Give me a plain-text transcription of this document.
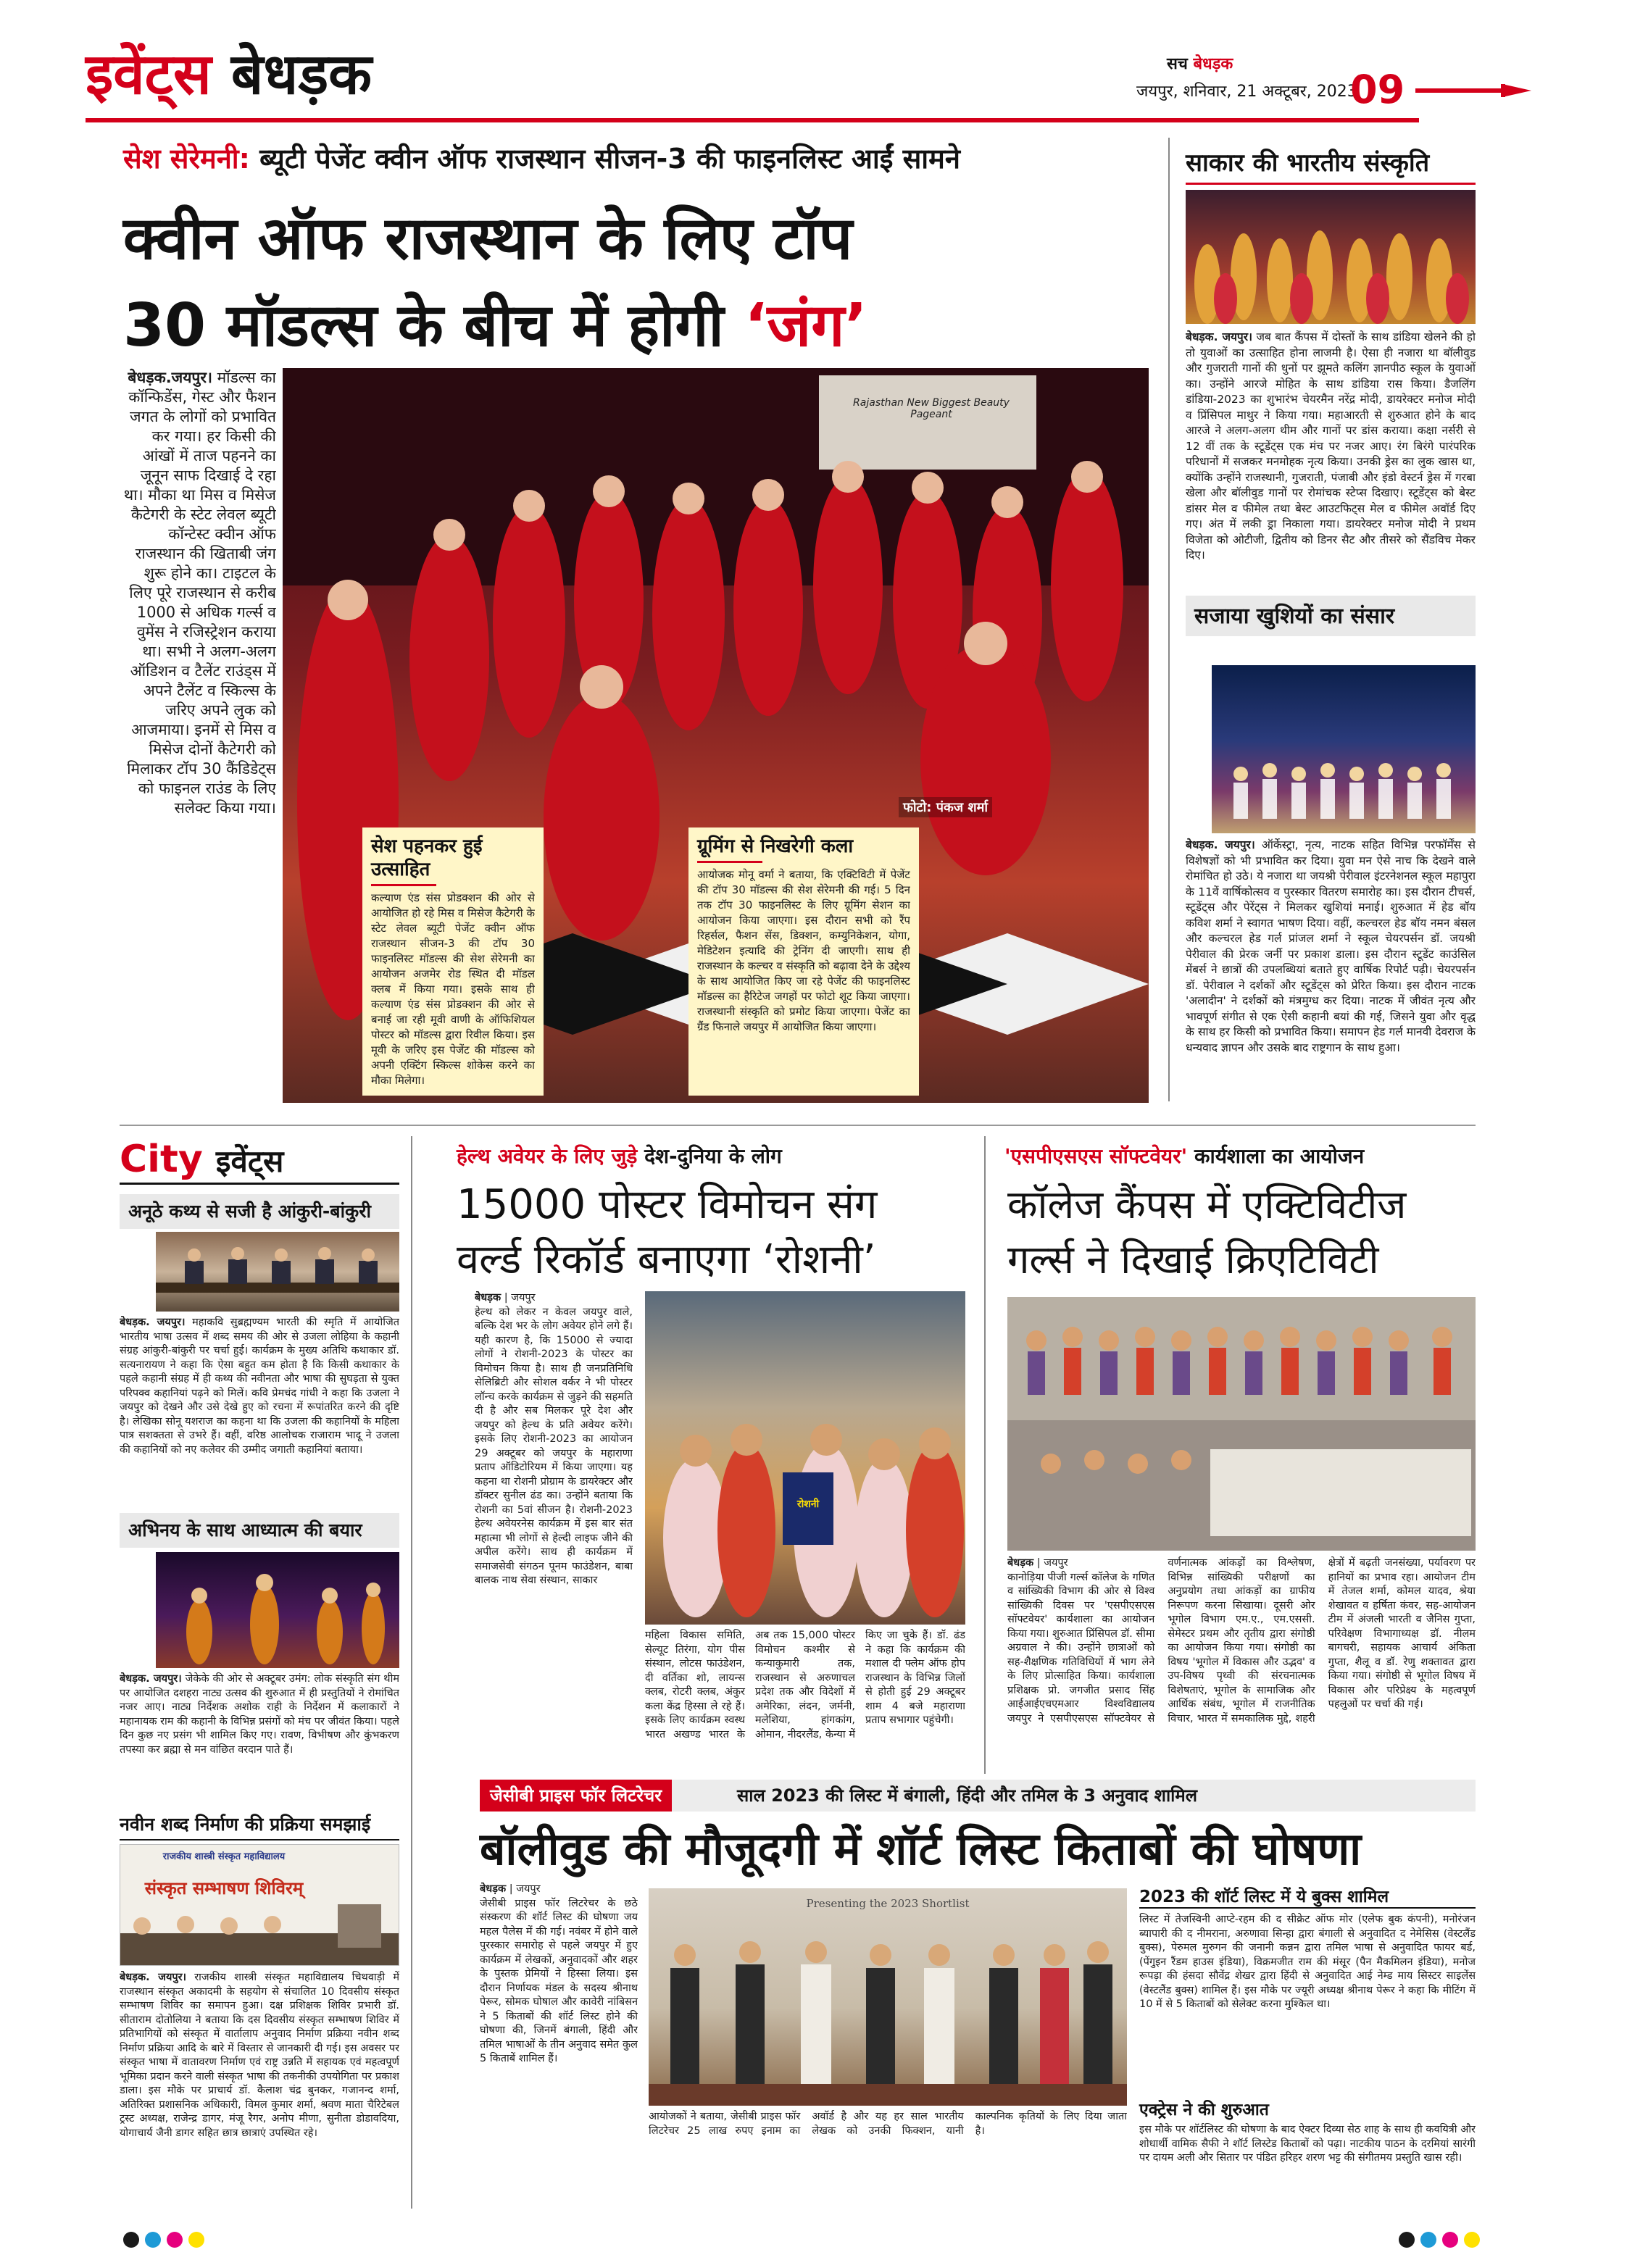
इवेंट्स बेधड़क	सच बेधड़क
जयपुर, शनिवार, 21 अक्टूबर, 2023
09
सेश सेरेमनी: ब्यूटी पेजेंट क्वीन ऑफ राजस्थान सीजन-3 की फाइनलिस्ट आईं सामने
क्वीन ऑफ राजस्थान के लिए टॉप
30 मॉडल्स के बीच में होगी ‘जंग’
बेधड़क.जयपुर। मॉडल्स का कॉन्फिडेंस, गेस्ट और फैशन जगत के लोगों को प्रभावित कर गया। हर किसी की आंखों में ताज पहनने का जूनून साफ दिखाई दे रहा था। मौका था मिस व मिसेज कैटेगरी के स्टेट लेवल ब्यूटी कॉन्टेस्ट क्वीन ऑफ राजस्थान की खिताबी जंग शुरू होने का। टाइटल के लिए पूरे राजस्थान से करीब 1000 से अधिक गर्ल्स व वुमेंस ने रजिस्ट्रेशन कराया था। सभी ने अलग-अलग ऑडिशन व टैलेंट राउंड्स में अपने टैलेंट व स्किल्स के जरिए अपने लुक को आजमाया। इनमें से मिस व मिसेज दोनों कैटेगरी को मिलाकर टॉप 30 कैंडिडेट्स को फाइनल राउंड के लिए सलेक्ट किया गया।
Rajasthan New Biggest Beauty Pageant
फोटो: पंकज शर्मा
सेश पहनकर हुई उत्साहित
कल्याण एंड संस प्रोडक्शन की ओर से आयोजित हो रहे मिस व मिसेज कैटेगरी के स्टेट लेवल ब्यूटी पेजेंट क्वीन ऑफ राजस्थान सीजन-3 की टॉप 30 फाइनलिस्ट मॉडल्स की सेश सेरेमनी का आयोजन अजमेर रोड स्थित दी मॉडल क्लब में किया गया। इसके साथ ही कल्याण एंड संस प्रोडक्शन की ओर से बनाई जा रही मूवी वाणी के ऑफिशियल पोस्टर को मॉडल्स द्वारा रिवील किया। इस मूवी के जरिए इस पेजेंट की मॉडल्स को अपनी एक्टिंग स्किल्स शोकेस करने का मौका मिलेगा।
ग्रूमिंग से निखरेगी कला
आयोजक मोनू वर्मा ने बताया, कि एक्टिविटी में पेजेंट की टॉप 30 मॉडल्स की सेश सेरेमनी की गई। 5 दिन तक टॉप 30 फाइनलिस्ट के लिए ग्रूमिंग सेशन का आयोजन किया जाएगा। इस दौरान सभी को रैंप रिहर्सल, फैशन सेंस, डिक्शन, कम्युनिकेशन, योगा, मेडिटेशन इत्यादि की ट्रेनिंग दी जाएगी। साथ ही राजस्थान के कल्चर व संस्कृति को बढ़ावा देने के उद्देश्य के साथ आयोजित किए जा रहे पेजेंट की फाइनलिस्ट मॉडल्स का हैरिटेज जगहों पर फोटो शूट किया जाएगा। राजस्थानी संस्कृति को प्रमोट किया जाएगा। पेजेंट का ग्रैंड फिनाले जयपुर में आयोजित किया जाएगा।
साकार की भारतीय संस्कृति
बेधड़क. जयपुर। जब बात कैंपस में दोस्तों के साथ डांडिया खेलने की हो तो युवाओं का उत्साहित होना लाजमी है। ऐसा ही नजारा था बॉलीवुड और गुजराती गानों की धुनों पर झूमते कलिंग ज्ञानपीठ स्कूल के युवाओं का। उन्होंने आरजे मोहित के साथ डांडिया रास किया। डैजलिंग डांडिया-2023 का शुभारंभ चेयरमैन नरेंद्र मोदी, डायरेक्टर मनोज मोदी व प्रिंसिपल माथुर ने किया गया। महाआरती से शुरुआत होने के बाद आरजे ने अलग-अलग थीम और गानों पर डांस कराया। कक्षा नर्सरी से 12 वीं तक के स्टूडेंट्स एक मंच पर नजर आए। रंग बिरंगे पारंपरिक परिधानों में सजकर मनमोहक नृत्य किया। उनकी ड्रेस का लुक खास था, क्योंकि उन्होंने राजस्थानी, गुजराती, पंजाबी और इंडो वेस्टर्न ड्रेस में गरबा खेला और बॉलीवुड गानों पर रोमांचक स्टेप्स दिखाए। स्टूडेंट्स को बेस्ट डांसर मेल व फीमेल तथा बेस्ट आउटफिट्स मेल व फीमेल अवॉर्ड दिए गए। अंत में लकी ड्रा निकाला गया। डायरेक्टर मनोज मोदी ने प्रथम विजेता को ओटीजी, द्वितीय को डिनर सैट और तीसरे को सैंडविच मेकर दिए।
सजाया खुशियों का संसार
बेधड़क. जयपुर। ऑर्केस्ट्रा, नृत्य, नाटक सहित विभिन्न परफॉर्मेंस से विशेषज्ञों को भी प्रभावित कर दिया। युवा मन ऐसे नाच कि देखने वाले रोमांचित हो उठे। ये नजारा था जयश्री पेरीवाल इंटरनेशनल स्कूल महापुरा के 11वें वार्षिकोत्सव व पुरस्कार वितरण समारोह का। इस दौरान टीचर्स, स्टूडेंट्स और पेरेंट्स ने मिलकर खुशियां मनाई। शुरुआत में हेड बॉय कविश शर्मा ने स्वागत भाषण दिया। वहीं, कल्चरल हेड बॉय नमन बंसल और कल्चरल हेड गर्ल प्रांजल शर्मा ने स्कूल चेयरपर्सन डॉ. जयश्री पेरीवाल की प्रेरक जर्नी पर प्रकाश डाला। इस दौरान स्टूडेंट काउंसिल मेंबर्स ने छात्रों की उपलब्धियां बताते हुए वार्षिक रिपोर्ट पढ़ी। चेयरपर्सन डॉ. पेरीवाल ने दर्शकों और स्टूडेंट्स को प्रेरित किया। इस दौरान नाटक 'अलादीन' ने दर्शकों को मंत्रमुग्ध कर दिया। नाटक में जीवंत नृत्य और भावपूर्ण संगीत से एक ऐसी कहानी बयां की गई, जिसने युवा और वृद्ध के साथ हर किसी को प्रभावित किया। समापन हेड गर्ल मानवी देवराज के धन्यवाद ज्ञापन और उसके बाद राष्ट्रगान के साथ हुआ।
City इवेंट्स
अनूठे कथ्य से सजी है आंकुरी-बांकुरी
बेधड़क. जयपुर। महाकवि सुब्रह्मण्यम भारती की स्मृति में आयोजित भारतीय भाषा उत्सव में शब्द समय की ओर से उजला लोहिया के कहानी संग्रह आंकुरी-बांकुरी पर चर्चा हुई। कार्यक्रम के मुख्य अतिथि कथाकार डॉ. सत्यनारायण ने कहा कि ऐसा बहुत कम होता है कि किसी कथाकार के पहले कहानी संग्रह में ही कथ्य की नवीनता और भाषा की सुघड़ता से युक्त परिपक्व कहानियां पढ़ने को मिलें। कवि प्रेमचंद गांधी ने कहा कि उजला ने जयपुर को देखने और उसे देखे हुए को रचना में रूपांतरित करने की दृष्टि है। लेखिका सोनू यशराज का कहना था कि उजला की कहानियों के महिला पात्र सशक्तता से उभरे हैं। वहीं, वरिष्ठ आलोचक राजाराम भादू ने उजला की कहानियों को नए कलेवर की उम्मीद जगाती कहानियां बताया।
अभिनय के साथ आध्यात्म की बयार
बेधड़क. जयपुर। जेकेके की ओर से अक्टूबर उमंग: लोक संस्कृति संग थीम पर आयोजित दशहरा नाट्य उत्सव की शुरुआत में ही प्रस्तुतियों ने रोमांचित नजर आए। नाट्य निर्देशक अशोक राही के निर्देशन में कलाकारों ने महानायक राम की कहानी के विभिन्न प्रसंगों को मंच पर जीवंत किया। पहले दिन कुछ नए प्रसंग भी शामिल किए गए। रावण, विभीषण और कुंभकरण तपस्या कर ब्रह्मा से मन वांछित वरदान पाते हैं।
नवीन शब्द निर्माण की प्रक्रिया समझाई
राजकीय शास्त्री संस्कृत महाविद्यालय
संस्कृत सम्भाषण शिविरम्
बेधड़क. जयपुर। राजकीय शास्त्री संस्कृत महाविद्यालय चिथवाड़ी में राजस्थान संस्कृत अकादमी के सहयोग से संचालित 10 दिवसीय संस्कृत सम्भाषण शिविर का समापन हुआ। दक्ष प्रशिक्षक शिविर प्रभारी डॉ. सीताराम दोतोलिया ने बताया कि दस दिवसीय संस्कृत सम्भाषण शिविर में प्रतिभागियों को संस्कृत में वार्तालाप अनुवाद निर्माण प्रक्रिया नवीन शब्द निर्माण प्रक्रिया आदि के बारे में विस्तार से जानकारी दी गई। इस अवसर पर संस्कृत भाषा में वातावरण निर्माण एवं राष्ट्र उन्नति में सहायक एवं महत्वपूर्ण भूमिका प्रदान करने वाली संस्कृत भाषा की तकनीकी उपयोगिता पर प्रकाश डाला। इस मौके पर प्राचार्य डॉ. कैलाश चंद्र बुनकर, गजानन्द शर्मा, अतिरिक्त प्रशासनिक अधिकारी, विमल कुमार शर्मा, श्रवण माता चैरिटेबल ट्रस्ट अध्यक्ष, राजेन्द्र डागर, मंजू रैगर, अनोप मीणा, सुनीता डोडावदिया, योगाचार्य जैनी डागर सहित छात्र छात्राएं उपस्थित रहे।
हेल्थ अवेयर के लिए जुड़े देश-दुनिया के लोग
15000 पोस्टर विमोचन संग
वर्ल्ड रिकॉर्ड बनाएगा ‘रोशनी’
बेधड़क | जयपुर
हेल्थ को लेकर न केवल जयपुर वाले, बल्कि देश भर के लोग अवेयर होने लगे हैं। यही कारण है, कि 15000 से ज्यादा लोगों ने रोशनी-2023 के पोस्टर का विमोचन किया है। साथ ही जनप्रतिनिधि सेलिब्रिटी और सोशल वर्कर ने भी पोस्टर लॉन्च करके कार्यक्रम से जुड़ने की सहमति दी है और सब मिलकर पूरे देश और जयपुर को हेल्थ के प्रति अवेयर करेंगे। इसके लिए रोशनी-2023 का आयोजन 29 अक्टूबर को जयपुर के महाराणा प्रताप ऑडिटोरियम में किया जाएगा। यह कहना था रोशनी प्रोग्राम के डायरेक्टर और डॉक्टर सुनील ढंड का। उन्होंने बताया कि रोशनी का 5वां सीजन है। रोशनी-2023 हेल्थ अवेयरनेस कार्यक्रम में इस बार संत महात्मा भी लोगों से हेल्दी लाइफ जीने की अपील करेंगे। साथ ही कार्यक्रम में समाजसेवी संगठन पूनम फाउंडेशन, बाबा बालक नाथ सेवा संस्थान, साकार
रोशनी
महिला विकास समिति, सेल्यूट तिरंगा, योग पीस संस्थान, लोटस फाउंडेशन, दी वर्तिका शो, लायन्स क्लब, रोटरी क्लब, अंकुर कला केंद्र हिस्सा ले रहे हैं। इसके लिए कार्यक्रम स्वस्थ भारत अखण्ड भारत के अब तक 15,000 पोस्टर विमोचन कश्मीर से कन्याकुमारी तक, राजस्थान से अरुणाचल प्रदेश तक और विदेशों में अमेरिका, लंदन, जर्मनी, मलेशिया, हांगकांग, ओमान, नीदरलैंड, केन्या में किए जा चुके हैं। डॉ. ढंड ने कहा कि कार्यक्रम की मशाल दी फ्लेम ऑफ होप राजस्थान के विभिन्न जिलों से होती हुई 29 अक्टूबर शाम 4 बजे महाराणा प्रताप सभागार पहुंचेगी।
'एसपीएसएस सॉफ्टवेयर' कार्यशाला का आयोजन
कॉलेज कैंपस में एक्टिविटीज
गर्ल्स ने दिखाई क्रिएटिविटी
बेधड़क | जयपुर
कानोड़िया पीजी गर्ल्स कॉलेज के गणित व सांख्यिकी विभाग की ओर से विश्व सांख्यिकी दिवस पर 'एसपीएसएस सॉफ्टवेयर' कार्यशाला का आयोजन किया गया। शुरुआत प्रिंसिपल डॉ. सीमा अग्रवाल ने की। उन्होंने छात्राओं को सह-शैक्षणिक गतिविधियों में भाग लेने के लिए प्रोत्साहित किया। कार्यशाला प्रशिक्षक प्रो. जगजीत प्रसाद सिंह आईआईएचएमआर विश्वविद्यालय जयपुर ने एसपीएसएस सॉफ्टवेयर से वर्णनात्मक आंकड़ों का विश्लेषण, विभिन्न सांख्यिकी परीक्षणों का अनुप्रयोग तथा आंकड़ों का ग्राफीय निरूपण करना सिखाया। दूसरी ओर भूगोल विभाग एम.ए., एम.एससी. सेमेस्टर प्रथम और तृतीय द्वारा संगोष्ठी का आयोजन किया गया। संगोष्ठी का विषय 'भूगोल में विकास और उद्भव' व उप-विषय पृथ्वी की संरचनात्मक विशेषताएं, भूगोल के सामाजिक और आर्थिक संबंध, भूगोल में राजनीतिक विचार, भारत में समकालिक मुद्दे, शहरी क्षेत्रों में बढ़ती जनसंख्या, पर्यावरण पर हानियों का प्रभाव रहा। आयोजन टीम में तेजल शर्मा, कोमल यादव, श्रेया शेखावत व हर्षिता कंवर, सह-आयोजन टीम में अंजली भारती व जैनिस गुप्ता, परिवेक्षण विभागाध्यक्ष डॉ. नीलम बागचरी, सहायक आचार्य अंकिता गुप्ता, शैलू व डॉ. रेणु शक्तावत द्वारा किया गया। संगोष्ठी से भूगोल विषय में विकास और परिप्रेक्ष्य के महत्वपूर्ण पहलुओं पर चर्चा की गई।
जेसीबी प्राइस फॉर लिटरेचर	साल 2023 की लिस्ट में बंगाली, हिंदी और तमिल के 3 अनुवाद शामिल
बॉलीवुड की मौजूदगी में शॉर्ट लिस्ट किताबों की घोषणा
बेधड़क | जयपुर
जेसीबी प्राइस फॉर लिटरेचर के छठे संस्करण की शॉर्ट लिस्ट की घोषणा जय महल पैलेस में की गई। नवंबर में होने वाले पुरस्कार समारोह से पहले जयपुर में हुए कार्यक्रम में लेखकों, अनुवादकों और शहर के पुस्तक प्रेमियों ने हिस्सा लिया। इस दौरान निर्णायक मंडल के सदस्य श्रीनाथ पेरूर, सोमक घोषाल और कावेरी नांबिसन ने 5 किताबों की शॉर्ट लिस्ट होने की घोषणा की, जिनमें बंगाली, हिंदी और तमिल भाषाओं के तीन अनुवाद समेत कुल 5 किताबें शामिल हैं।
Presenting the 2023 Shortlist
आयोजकों ने बताया, जेसीबी प्राइस फॉर लिटरेचर 25 लाख रुपए इनाम का अवॉर्ड है और यह हर साल भारतीय लेखक को उनकी फिक्शन, यानी काल्पनिक कृतियों के लिए दिया जाता है।
2023 की शॉर्ट लिस्ट में ये बुक्स शामिल
लिस्ट में तेजस्विनी आप्टे-रहम की द सीक्रेट ऑफ मोर (एलेफ बुक कंपनी), मनोरंजन ब्यापारी की द नीमराना, अरुणावा सिन्हा द्वारा बंगाली से अनुवादित द नेमेसिस (वेस्टलैंड बुक्स), पेरुमल मुरुगन की जनानी कन्नन द्वारा तमिल भाषा से अनुवादित फायर बर्ड, (पेंगुइन रैंडम हाउस इंडिया), विक्रमजीत राम की मंसूर (पैन मैकमिलन इंडिया), मनोज रूपड़ा की हंसदा सौवेंद्र शेखर द्वारा हिंदी से अनुवादित आई नेम्ड माय सिस्टर साइलेंस (वेस्टलैंड बुक्स) शामिल हैं। इस मौके पर ज्यूरी अध्यक्ष श्रीनाथ पेरूर ने कहा कि मीटिंग में 10 में से 5 किताबों को सेलेक्ट करना मुश्किल था।
एक्ट्रेस ने की शुरुआत
इस मौके पर शॉर्टलिस्ट की घोषणा के बाद ऐक्टर दिव्या सेठ शाह के साथ ही कवयित्री और शोधार्थी वामिक सैफी ने शॉर्ट लिस्टेड किताबों को पढ़ा। नाटकीय पाठन के दरमियां सारंगी पर दायम अली और सितार पर पंडित हरिहर शरण भट्ट की संगीतमय प्रस्तुति खास रही।
